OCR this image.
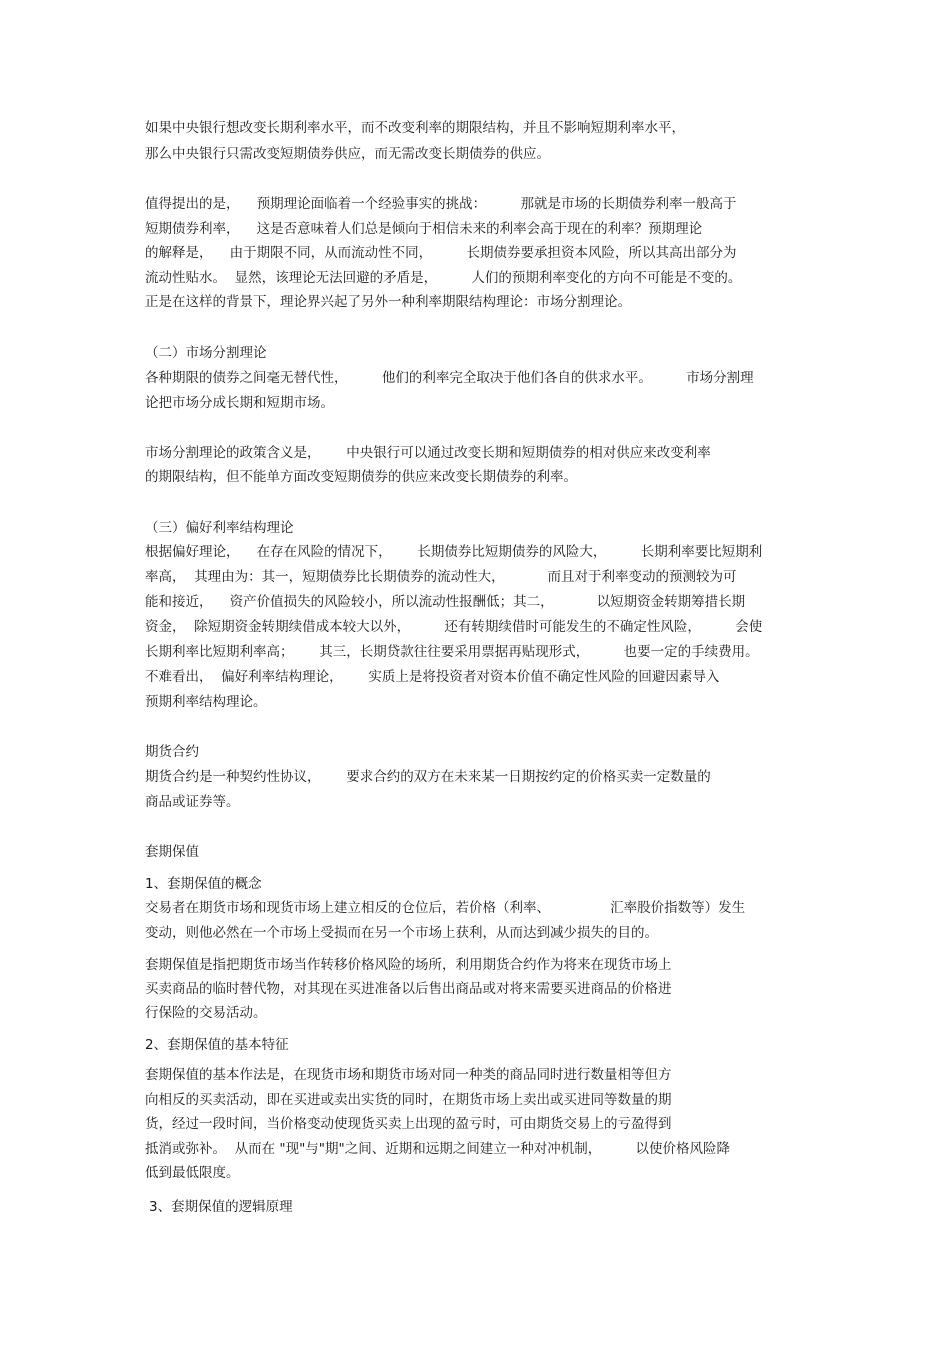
如果中央银行想改变长期利率水平，而不改变利率的期限结构，并且不影响短期利率水平，
那么中央银行只需改变短期债券供应，而无需改变长期债券的供应。
值得提出的是，    预期理论面临着一个经验事实的挑战：        那就是市场的长期债券利率一般高于
短期债券利率，    这是否意味着人们总是倾向于相信未来的利率会高于现在的利率？预期理论
的解释是，    由于期限不同，从而流动性不同，        长期债券要承担资本风险，所以其高出部分为
流动性贴水。  显然，该理论无法回避的矛盾是，        人们的预期利率变化的方向不可能是不变的。
正是在这样的背景下，理论界兴起了另外一种利率期限结构理论：市场分割理论。
（二）市场分割理论
各种期限的债券之间毫无替代性，        他们的利率完全取决于他们各自的供求水平。        市场分割理
论把市场分成长期和短期市场。
市场分割理论的政策含义是，      中央银行可以通过改变长期和短期债券的相对供应来改变利率
的期限结构，但不能单方面改变短期债券的供应来改变长期债券的利率。
（三）偏好利率结构理论
根据偏好理论，    在存在风险的情况下，      长期债券比短期债券的风险大，        长期利率要比短期利
率高，  其理由为：其一，短期债券比长期债券的流动性大，          而且对于利率变动的预测较为可
能和接近，    资产价值损失的风险较小，所以流动性报酬低；其二，          以短期资金转期筹措长期
资金，  除短期资金转期续借成本较大以外，        还有转期续借时可能发生的不确定性风险，        会使
长期利率比短期利率高；      其三，长期贷款往往要采用票据再贴现形式，        也要一定的手续费用。
不难看出，  偏好利率结构理论，      实质上是将投资者对资本价值不确定性风险的回避因素导入
预期利率结构理论。
期货合约
期货合约是一种契约性协议，      要求合约的双方在未来某一日期按约定的价格买卖一定数量的
商品或证券等。
套期保值
1、套期保值的概念
交易者在期货市场和现货市场上建立相反的仓位后，若价格（利率、              汇率股价指数等）发生
变动，则他必然在一个市场上受损而在另一个市场上获利，从而达到减少损失的目的。
套期保值是指把期货市场当作转移价格风险的场所，利用期货合约作为将来在现货市场上
买卖商品的临时替代物，对其现在买进准备以后售出商品或对将来需要买进商品的价格进
行保险的交易活动。
2、套期保值的基本特征
套期保值的基本作法是，在现货市场和期货市场对同一种类的商品同时进行数量相等但方
向相反的买卖活动，即在买进或卖出实货的同时，在期货市场上卖出或买进同等数量的期
货，经过一段时间，当价格变动使现货买卖上出现的盈亏时，可由期货交易上的亏盈得到
抵消或弥补。  从而在 "现"与"期"之间、近期和远期之间建立一种对冲机制，        以使价格风险降
低到最低限度。
3、套期保值的逻辑原理
